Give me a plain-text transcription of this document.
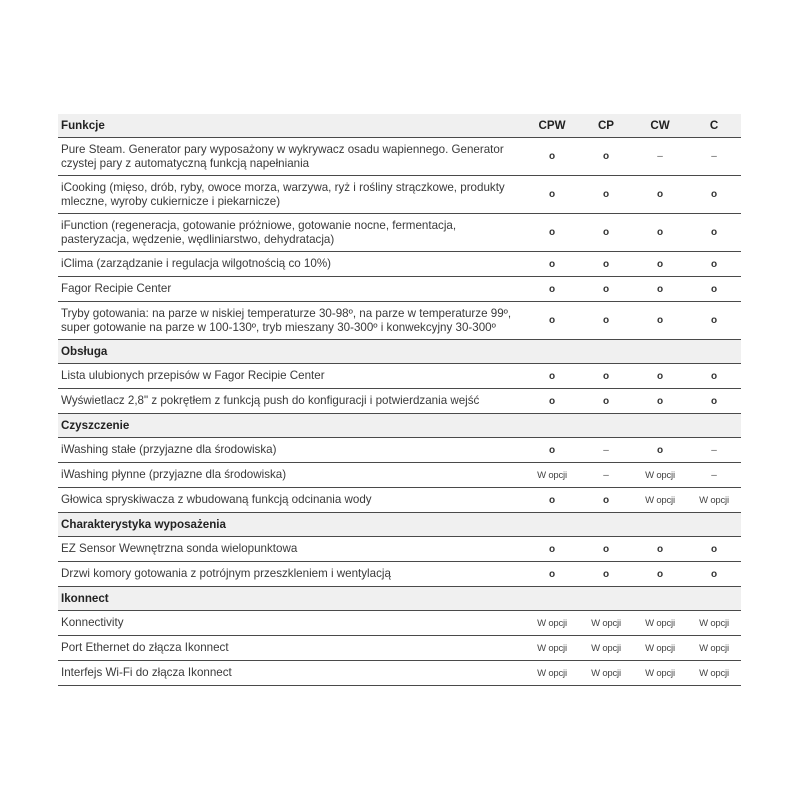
Funkcje	CPW	CP	CW	C
Pure Steam. Generator pary wyposażony w wykrywacz osadu wapiennego. Generator czystej pary z automatyczną funkcją napełniania	o	o	–	–
iCooking (mięso, drób, ryby, owoce morza, warzywa, ryż i rośliny strączkowe, produkty mleczne, wyroby cukiernicze i piekarnicze)	o	o	o	o
iFunction (regeneracja, gotowanie próżniowe, gotowanie nocne, fermentacja, pasteryzacja, wędzenie, wędliniarstwo, dehydratacja)	o	o	o	o
iClima (zarządzanie i regulacja wilgotnością co 10%)	o	o	o	o
Fagor Recipie Center	o	o	o	o
Tryby gotowania: na parze w niskiej temperaturze 30-98º, na parze w temperaturze 99º, super gotowanie na parze w 100-130º, tryb mieszany 30-300º i konwekcyjny 30-300º	o	o	o	o
Obsługa
Lista ulubionych przepisów w Fagor Recipie Center	o	o	o	o
Wyświetlacz 2,8" z pokrętłem z funkcją push do konfiguracji i potwierdzania wejść	o	o	o	o
Czyszczenie
iWashing stałe (przyjazne dla środowiska)	o	–	o	–
iWashing płynne (przyjazne dla środowiska)	W opcji	–	W opcji	–
Głowica spryskiwacza z wbudowaną funkcją odcinania wody	o	o	W opcji	W opcji
Charakterystyka wyposażenia
EZ Sensor Wewnętrzna sonda wielopunktowa	o	o	o	o
Drzwi komory gotowania z potrójnym przeszkleniem i wentylacją	o	o	o	o
Ikonnect
Konnectivity	W opcji	W opcji	W opcji	W opcji
Port Ethernet do złącza Ikonnect	W opcji	W opcji	W opcji	W opcji
Interfejs Wi-Fi do złącza Ikonnect	W opcji	W opcji	W opcji	W opcji
